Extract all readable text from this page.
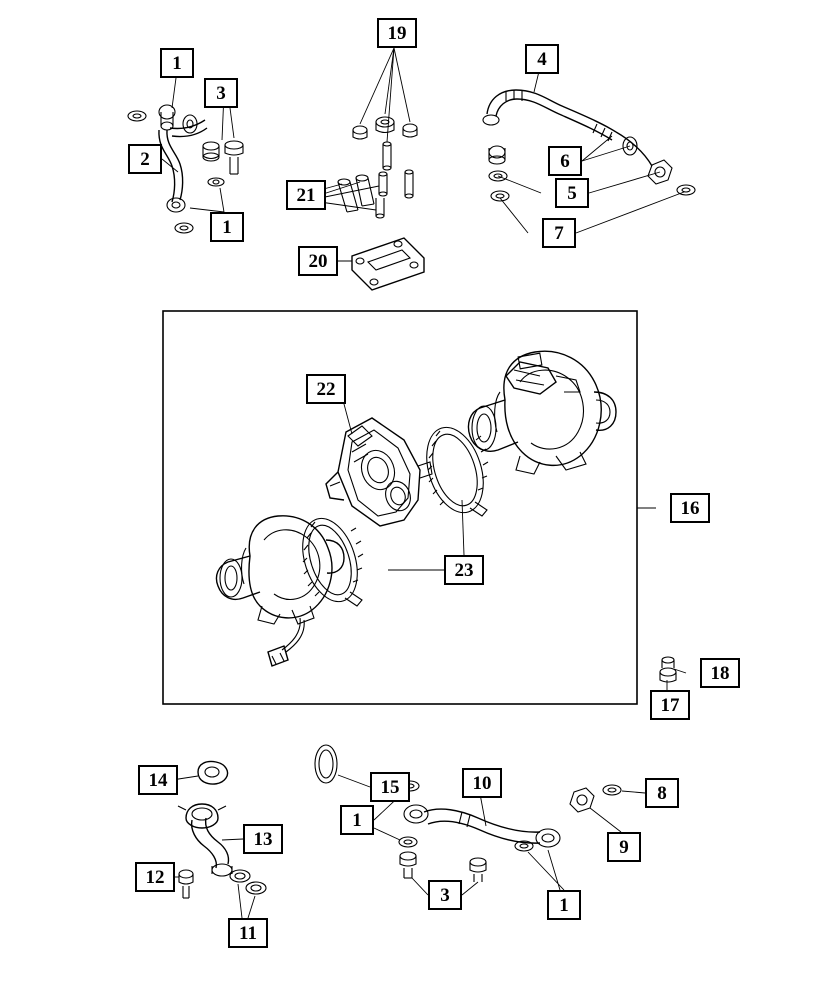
1
3
2
1
19
21
20
4
6
5
7
22
23
16
18
17
14
13
12
11
15
1
10	8
9
3	1
